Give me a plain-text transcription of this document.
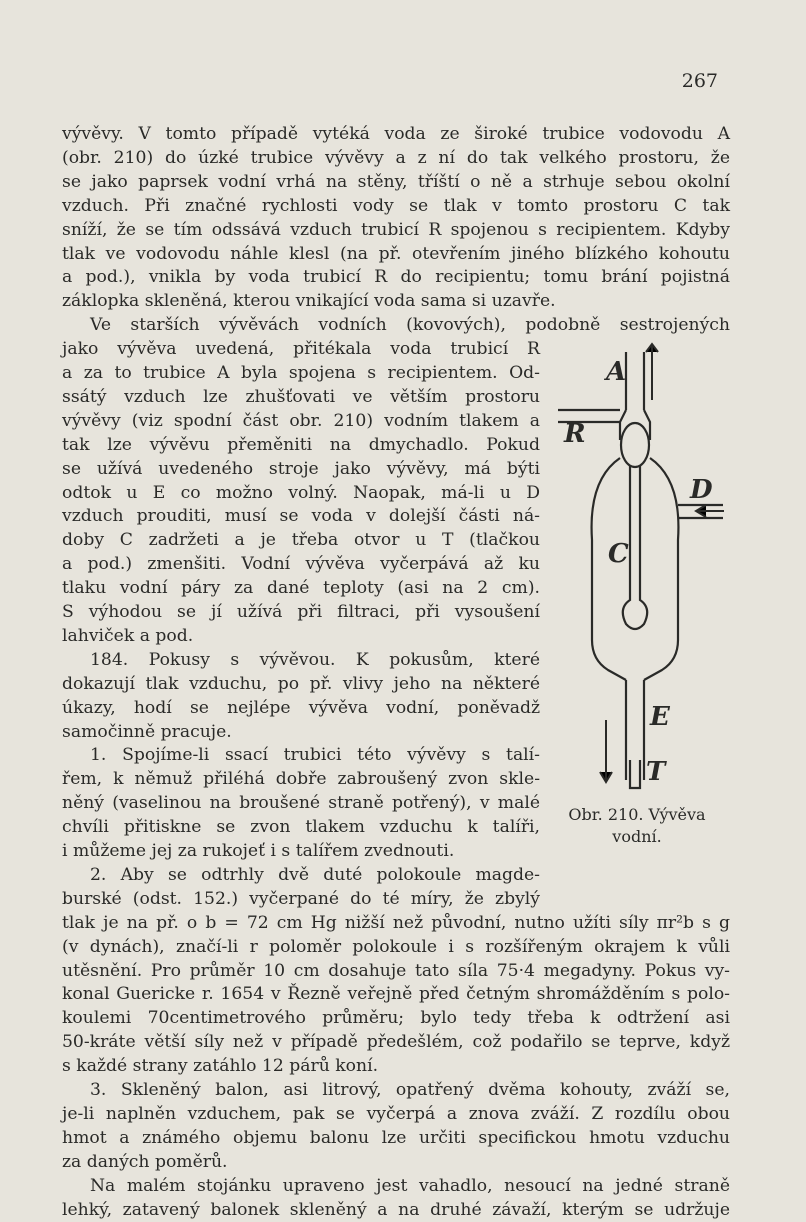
267
vývěvy. V tomto případě vytéká voda ze široké trubice vodovodu A
(obr. 210) do úzké trubice vývěvy a z ní do tak velkého prostoru, že
se jako paprsek vodní vrhá na stěny, tříští o ně a strhuje sebou okolní
vzduch. Při značné rychlosti vody se tlak v tomto prostoru C tak
sníží, že se tím odssává vzduch trubicí R spojenou s recipientem. Kdyby
tlak ve vodovodu náhle klesl (na př. otevřením jiného blízkého kohoutu
a pod.), vnikla by voda trubicí R do recipientu; tomu brání pojistná
záklopka skleněná, kterou vnikající voda sama si uzavře.
Ve starších vývěvách vodních (kovových), podobně sestrojených
jako vývěva uvedená, přitékala voda trubicí R
a za to trubice A byla spojena s recipientem. Od-
ssátý vzduch lze zhušťovati ve větším prostoru
vývěvy (viz spodní část obr. 210) vodním tlakem a
tak lze vývěvu přeměniti na dmychadlo. Pokud
se užívá uvedeného stroje jako vývěvy, má býti
odtok u E co možno volný. Naopak, má-li u D
vzduch prouditi, musí se voda v dolejší části ná-
doby C zadržeti a je třeba otvor u T (tlačkou
a pod.) zmenšiti. Vodní vývěva vyčerpává až ku
tlaku vodní páry za dané teploty (asi na 2 cm).
S výhodou se jí užívá při filtraci, při vysoušení
lahviček a pod.
184. Pokusy s vývěvou. K pokusům, které
dokazují tlak vzduchu, po př. vlivy jeho na některé
úkazy, hodí se nejlépe vývěva vodní, poněvadž
samočinně pracuje.
1. Spojíme-li ssací trubici této vývěvy s talí-
řem, k němuž přiléhá dobře zabroušený zvon skle-
něný (vaselinou na broušené straně potřený), v malé
chvíli přitiskne se zvon tlakem vzduchu k talíři,
i můžeme jej za rukojeť i s talířem zvednouti.
2. Aby se odtrhly dvě duté polokoule magde-
burské (odst. 152.) vyčerpané do té míry, že zbylý
tlak je na př. o b = 72 cm Hg nižší než původní, nutno užíti síly πr²b s g
(v dynách), značí-li r poloměr polokoule i s rozšířeným okrajem k vůli
utěsnění. Pro průměr 10 cm dosahuje tato síla 75·4 megadyny. Pokus vy-
konal Guericke r. 1654 v Řezně veřejně před četným shromážděním s polo-
koulemi 70centimetrového průměru; bylo tedy třeba k odtržení asi
50-kráte větší síly než v případě předešlém, což podařilo se teprve, když
s každé strany zatáhlo 12 párů koní.
3. Skleněný balon, asi litrový, opatřený dvěma kohouty, zváží se,
je-li naplněn vzduchem, pak se vyčerpá a znova zváží. Z rozdílu obou
hmot a známého objemu balonu lze určiti specifickou hmotu vzduchu
za daných poměrů.
Na malém stojánku upraveno jest vahadlo, nesoucí na jedné straně
lehký, zatavený balonek skleněný a na druhé závaží, kterým se udržuje
A
R
D
C
E
T
Obr. 210. Vývěva
vodní.
